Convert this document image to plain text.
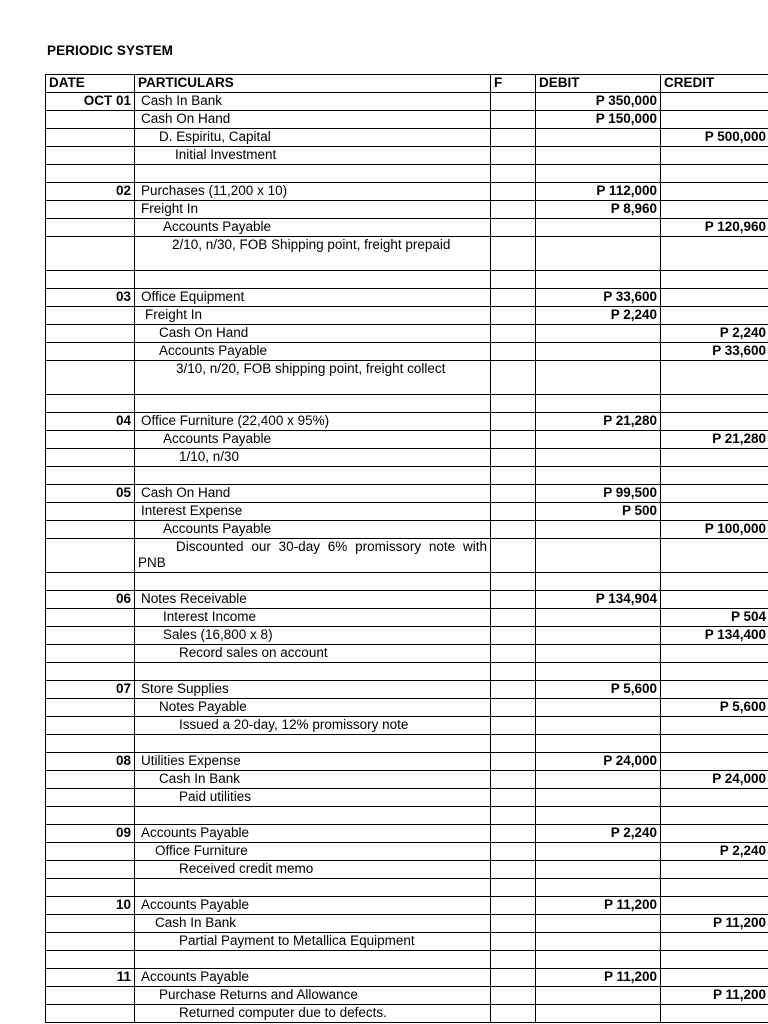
PERIODIC SYSTEM
DATE	PARTICULARS	F	DEBIT	CREDIT
OCT 01	Cash In Bank		P 350,000	
	Cash On Hand		P 150,000	
	D. Espiritu, Capital			P 500,000
	Initial Investment			

02	Purchases (11,200 x 10)		P 112,000	
	Freight In		P 8,960	
	Accounts Payable			P 120,960
	2/10, n/30, FOB Shipping point, freight prepaid			

03	Office Equipment		P 33,600	
	Freight In		P 2,240	
	Cash On Hand			P 2,240
	Accounts Payable			P 33,600
	3/10, n/20, FOB shipping point, freight collect			

04	Office Furniture (22,400 x 95%)		P 21,280	
	Accounts Payable			P 21,280
	1/10, n/30			

05	Cash On Hand		P 99,500	
	Interest Expense		P 500	
	Accounts Payable			P 100,000
	Discounted our 30-day 6% promissory note with PNB			

06	Notes Receivable		P 134,904	
	Interest Income			P 504
	Sales (16,800 x 8)			P 134,400
	Record sales on account			

07	Store Supplies		P 5,600	
	Notes Payable			P 5,600
	Issued a 20-day, 12% promissory note			

08	Utilities Expense		P 24,000	
	Cash In Bank			P 24,000
	Paid utilities			

09	Accounts Payable		P 2,240	
	Office Furniture			P 2,240
	Received credit memo			

10	Accounts Payable		P 11,200	
	Cash In Bank			P 11,200
	Partial Payment to Metallica Equipment			

11	Accounts Payable		P 11,200	
	Purchase Returns and Allowance			P 11,200
	Returned computer due to defects.			
